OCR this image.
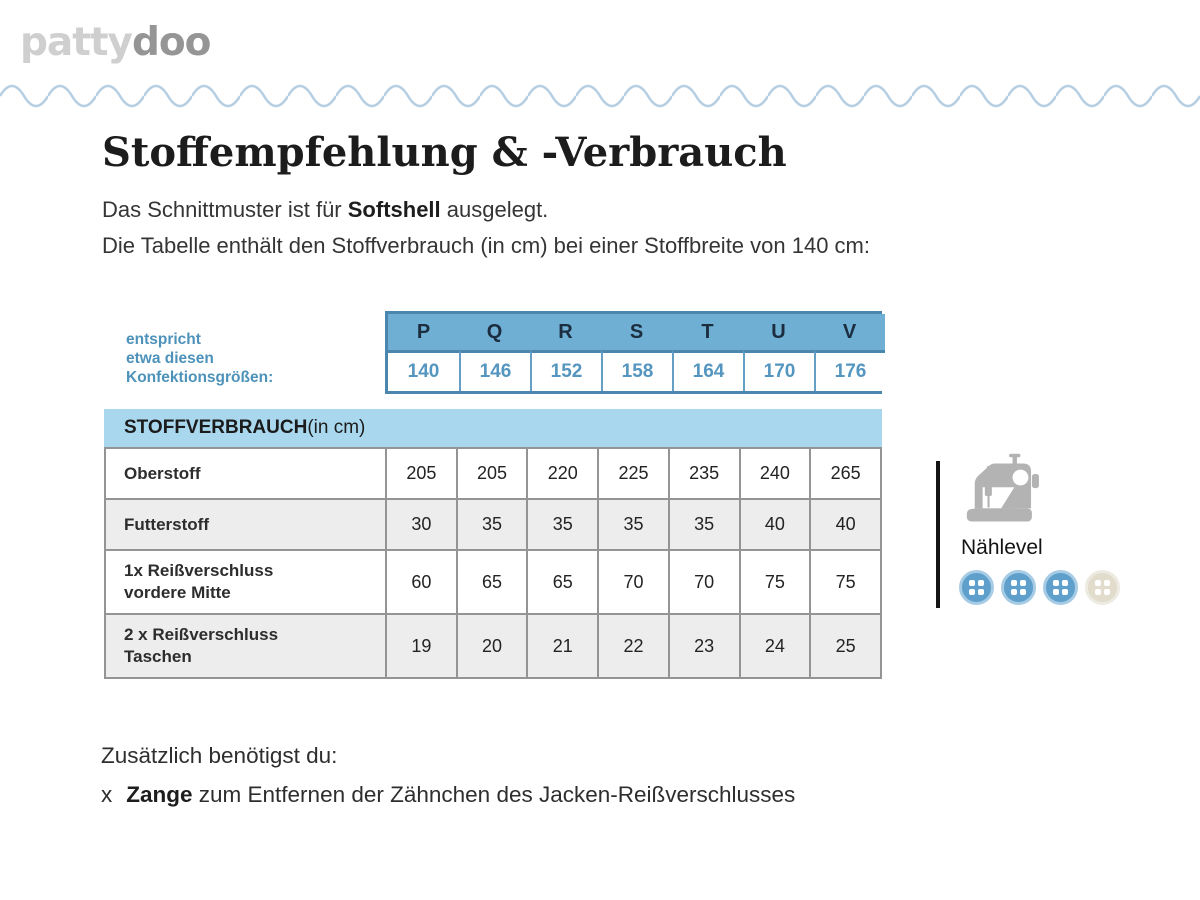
pattydoo
Stoffempfehlung & -Verbrauch

Das Schnittmuster ist für Softshell ausgelegt.

Die Tabelle enthält den Stoffverbrauch (in cm) bei einer Stoffbreite von 140 cm:

entspricht
etwa diesen
Konfektionsgrößen:
P	Q	R	S	T	U	V
140	146	152	158	164	170	176
STOFFVERBRAUCH (in cm)
Oberstoff	205	205	220	225	235	240	265

Futterstoff	30	35	35	35	35	40	40

1x Reißverschluss
vordere Mitte	60	65	65	70	70	75	75

2 x Reißverschluss
Taschen	19	20	21	22	23	24	25
Nählevel

Zusätzlich benötigst du:

x Zange zum Entfernen der Zähnchen des Jacken-Reißverschlusses
